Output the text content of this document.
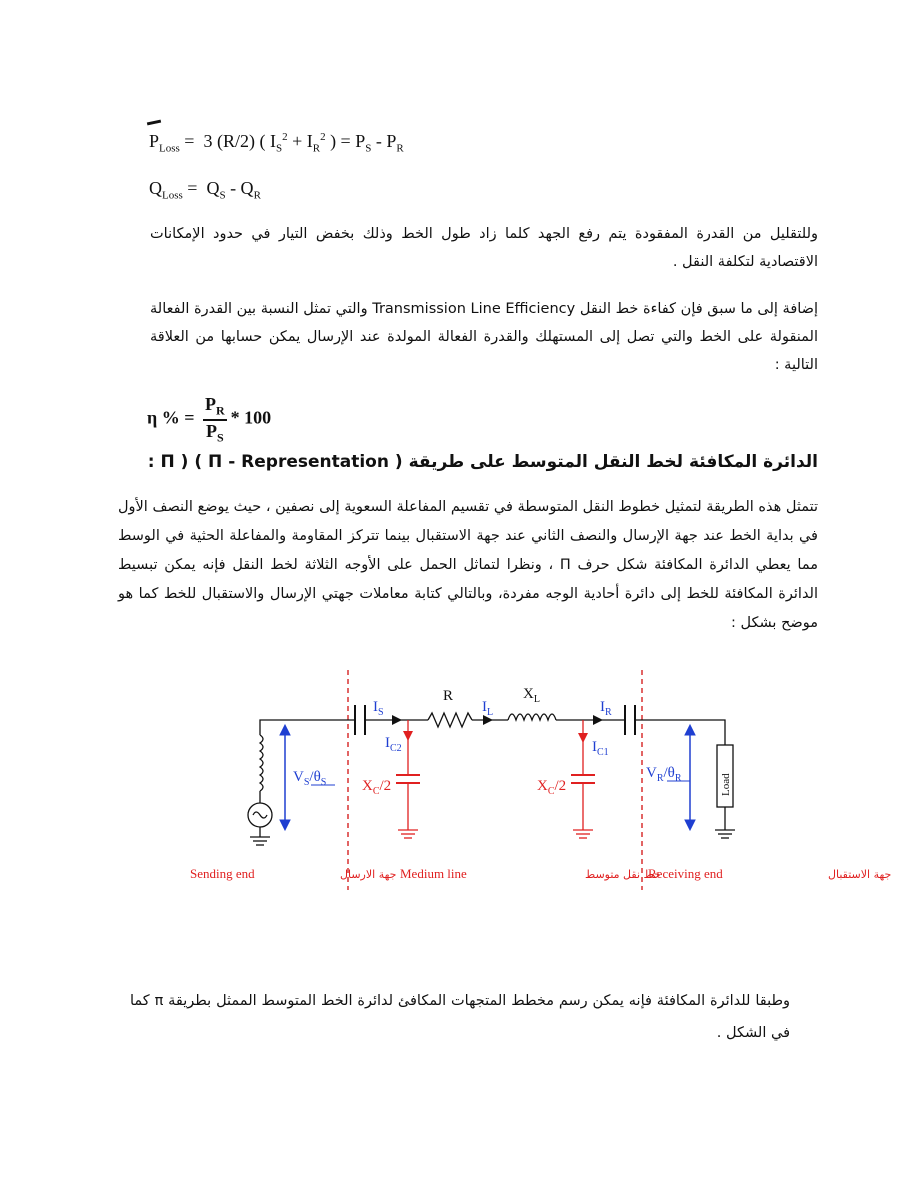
$P_{Loss} = 3$ (R/2) ( $I_S^2 + I_R^2$ ) = $P_S - P_R$
$Q_{Loss} = Q_S - Q_R$

وللتقليل من القدرة المفقودة يتم رفع الجهد كلما زاد طول الخط وذلك بخفض التيار في حدود الإمكانات الاقتصادية لتكلفة النقل .

إضافة إلى ما سبق فإن كفاءة خط النقل Transmission Line Efficiency والتي تمثل النسبة بين القدرة الفعالة المنقولة على الخط والتي تصل إلى المستهلك والقدرة الفعالة المولدة عند الإرسال يمكن حسابها من العلاقة التالية :

η % = $\frac{P_R}{P_S} * 100$
الدائرة المكافئة لخط النقل المتوسط على طريقة ( Π - Representation ) ( Π :

تتمثل هذه الطريقة لتمثيل خطوط النقل المتوسطة في تقسيم المفاعلة السعوية إلى نصفين ، حيث يوضع النصف الأول في بداية الخط عند جهة الإرسال والنصف الثاني عند جهة الاستقبال بينما تتركز المقاومة والمفاعلة الحثية في الوسط مما يعطي الدائرة المكافئة شكل حرف Π ، ونظرا لتماثل الحمل على الأوجه الثلاثة لخط النقل فإنه يمكن تبسيط الدائرة المكافئة للخط إلى دائرة أحادية الوجه مفردة، وبالتالي كتابة معاملات جهتي الإرسال والاستقبال للخط كما هو موضح بشكل :

$V_S/\theta_S$
$I_S$
R
$I_L$
$X_L$	$I_R$
$I_{C2}$
$X_C/2$
$I_{C1}$
$X_C/2$
$V_R/\theta_R$	Load
Sending end	جهة الارسال Medium line	خط نقل متوسط
Receiving end	جهة الاستقبال

وطبقا للدائرة المكافئة فإنه يمكن رسم مخطط المتجهات المكافئ لدائرة الخط المتوسط الممثل بطريقة π كما في الشكل .
